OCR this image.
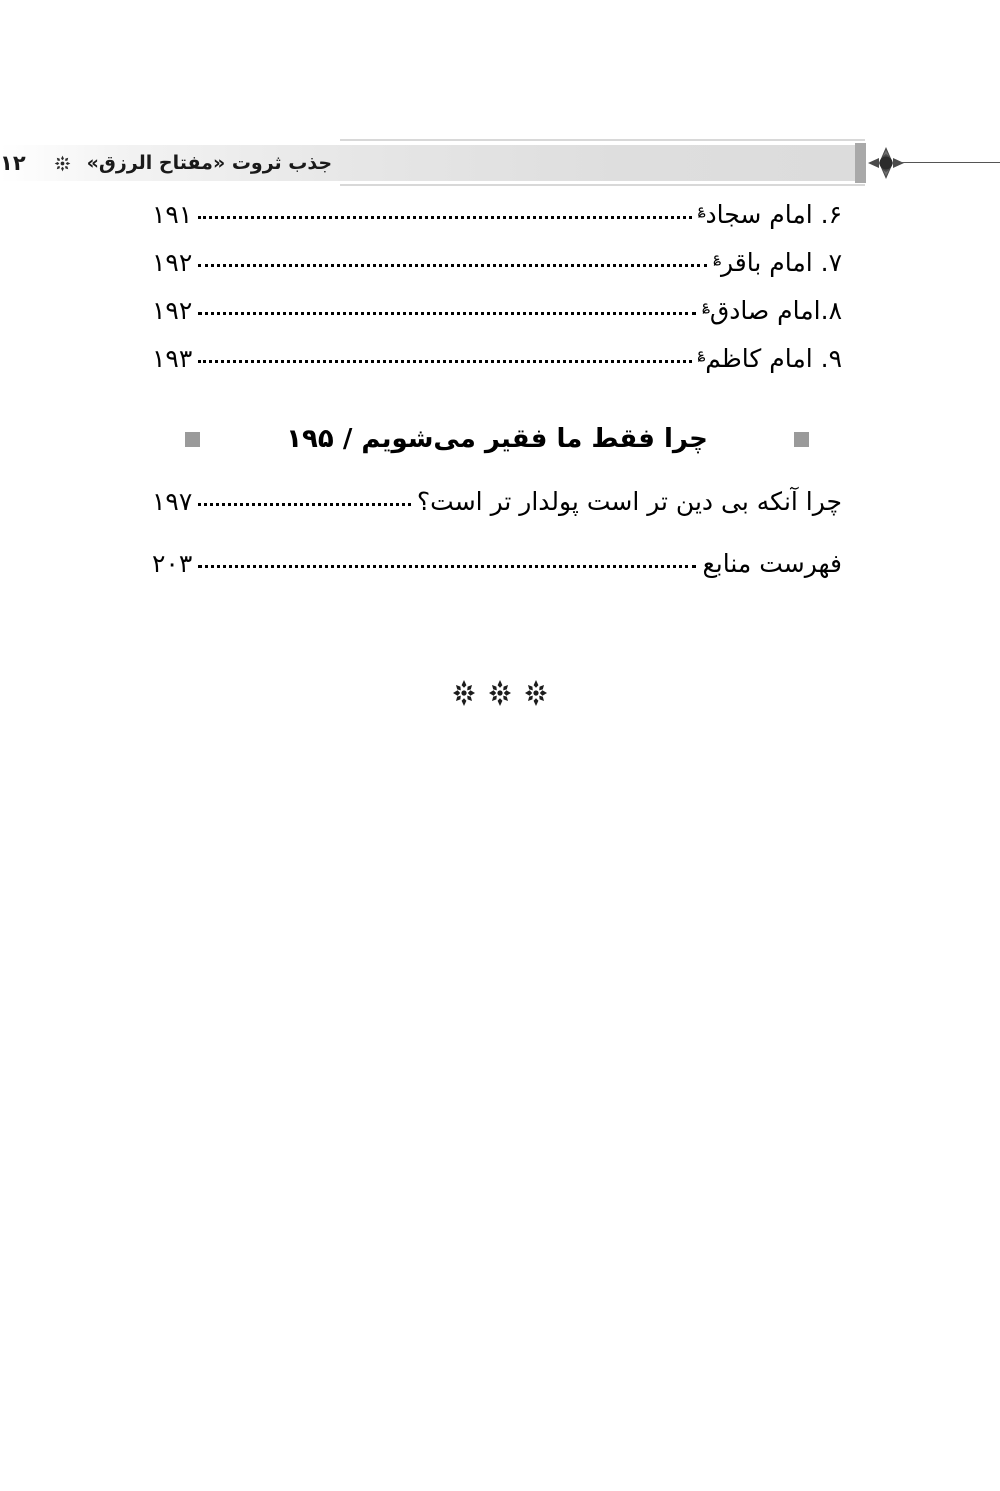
۱۲	جذب ثروت «مفتاح الرزق»
۶. امام سجاد؏
۱۹۱
۷. امام باقر؏
۱۹۲
۸.امام صادق؏
۱۹۲
۹. امام کاظم؏
۱۹۳
چرا فقط ما فقیر می‌شویم / ۱۹۵
چرا آنکه بی دین تر است پولدار تر است؟
۱۹۷
فهرست منابع
۲۰۳
